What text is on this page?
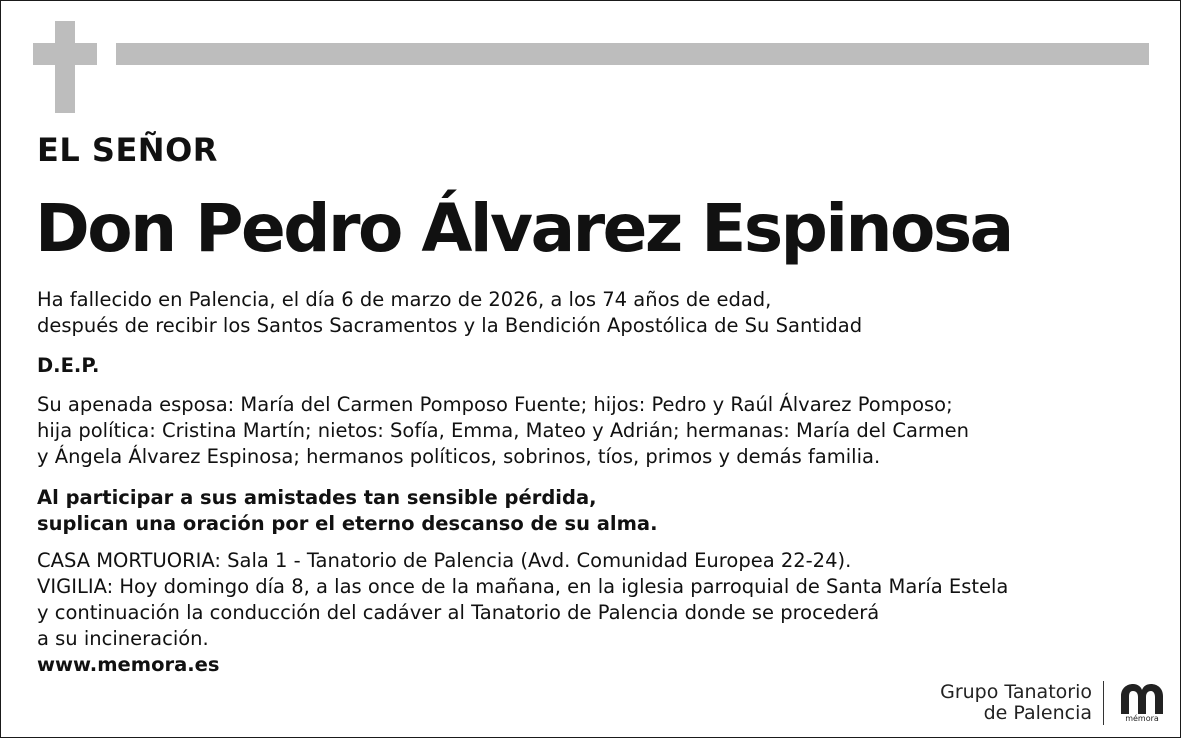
EL SEÑOR
Don Pedro Álvarez Espinosa

Ha fallecido en Palencia, el día 6 de marzo de 2026, a los 74 años de edad,
después de recibir los Santos Sacramentos y la Bendición Apostólica de Su Santidad

D.E.P.

Su apenada esposa: María del Carmen Pomposo Fuente; hijos: Pedro y Raúl Álvarez Pomposo;
hija política: Cristina Martín; nietos: Sofía, Emma, Mateo y Adrián; hermanas: María del Carmen
y Ángela Álvarez Espinosa; hermanos políticos, sobrinos, tíos, primos y demás familia.

Al participar a sus amistades tan sensible pérdida,
suplican una oración por el eterno descanso de su alma.

CASA MORTUORIA: Sala 1 - Tanatorio de Palencia (Avd. Comunidad Europea 22-24).
VIGILIA: Hoy domingo día 8, a las once de la mañana, en la iglesia parroquial de Santa María Estela
y continuación la conducción del cadáver al Tanatorio de Palencia donde se procederá
a su incineración.
www.memora.es
Grupo Tanatorio
de Palencia	mémora
